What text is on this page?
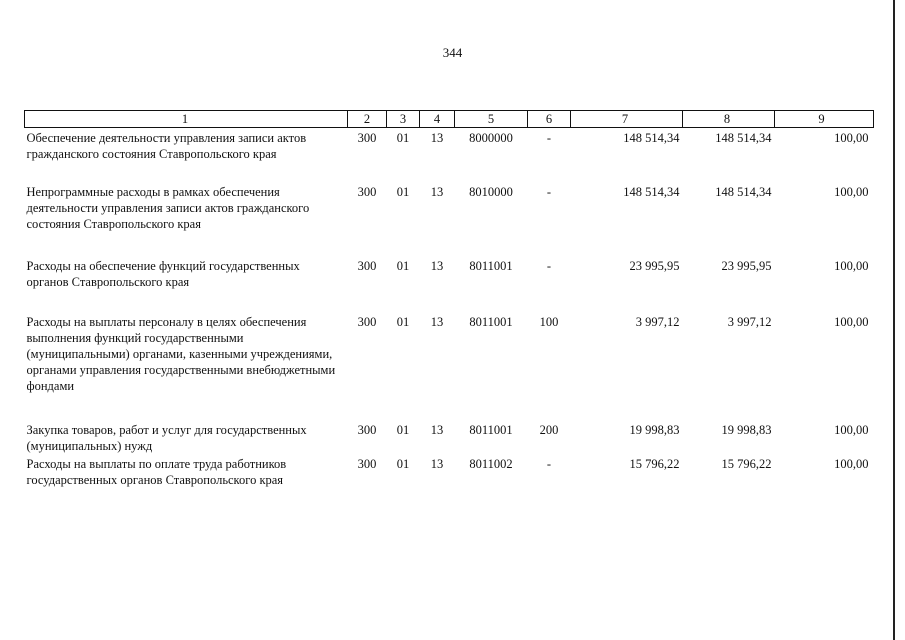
344
1	2	3	4	5	6	7	8	9
Обеспечение деятельности управления записи актов гражданского состояния Ставропольского края	300	01	13	8000000	-	148 514,34	148 514,34	100,00
Непрограммные расходы в рамках обеспечения деятельности управления записи актов гражданского состояния Ставропольского края	300	01	13	8010000	-	148 514,34	148 514,34	100,00
Расходы на обеспечение функций государственных органов Ставропольского края	300	01	13	8011001	-	23 995,95	23 995,95	100,00
Расходы на выплаты персоналу в целях обеспечения выполнения функций государственными (муниципальными) органами, казенными учреждениями, органами управления государственными внебюджетными фондами	300	01	13	8011001	100	3 997,12	3 997,12	100,00
Закупка товаров, работ и услуг для государственных (муниципальных) нужд	300	01	13	8011001	200	19 998,83	19 998,83	100,00
Расходы на выплаты по оплате труда работников государственных органов Ставропольского края	300	01	13	8011002	-	15 796,22	15 796,22	100,00
